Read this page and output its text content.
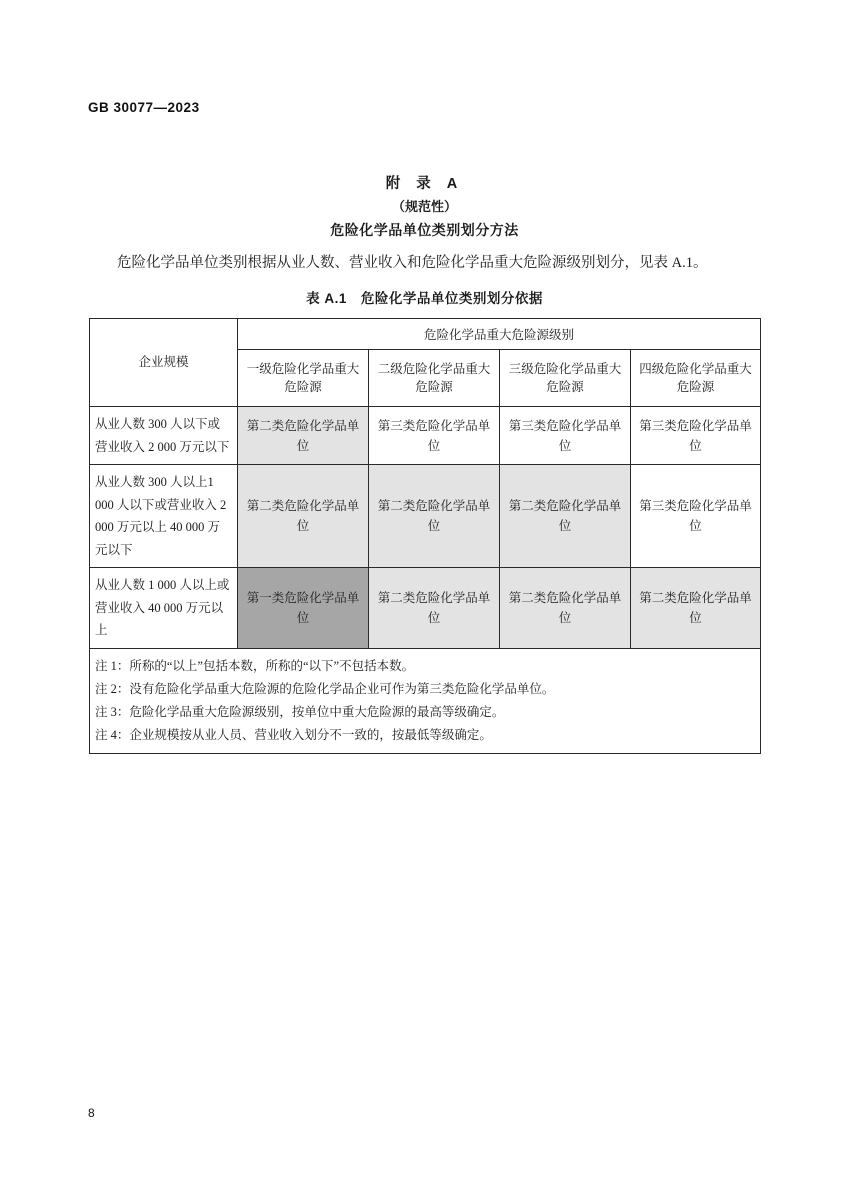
GB 30077—2023
附 录 A
（规范性）
危险化学品单位类别划分方法
危险化学品单位类别根据从业人数、营业收入和危险化学品重大危险源级别划分，见表 A.1。
表 A.1　危险化学品单位类别划分依据
企业规模	危险化学品重大危险源级别			
	一级危险化学品重大危险源	二级危险化学品重大危险源	三级危险化学品重大危险源	四级危险化学品重大危险源
从业人数 300 人以下或营业收入 2 000 万元以下	第二类危险化学品单位	第三类危险化学品单位	第三类危险化学品单位	第三类危险化学品单位
从业人数 300 人以上1 000 人以下或营业收入 2 000 万元以上 40 000 万元以下	第二类危险化学品单位	第二类危险化学品单位	第二类危险化学品单位	第三类危险化学品单位
从业人数 1 000 人以上或营业收入 40 000 万元以上	第一类危险化学品单位	第二类危险化学品单位	第二类危险化学品单位	第二类危险化学品单位

注 1：所称的“以上”包括本数，所称的“以下”不包括本数。
注 2：没有危险化学品重大危险源的危险化学品企业可作为第三类危险化学品单位。
注 3：危险化学品重大危险源级别，按单位中重大危险源的最高等级确定。
注 4：企业规模按从业人员、营业收入划分不一致的，按最低等级确定。				
8
